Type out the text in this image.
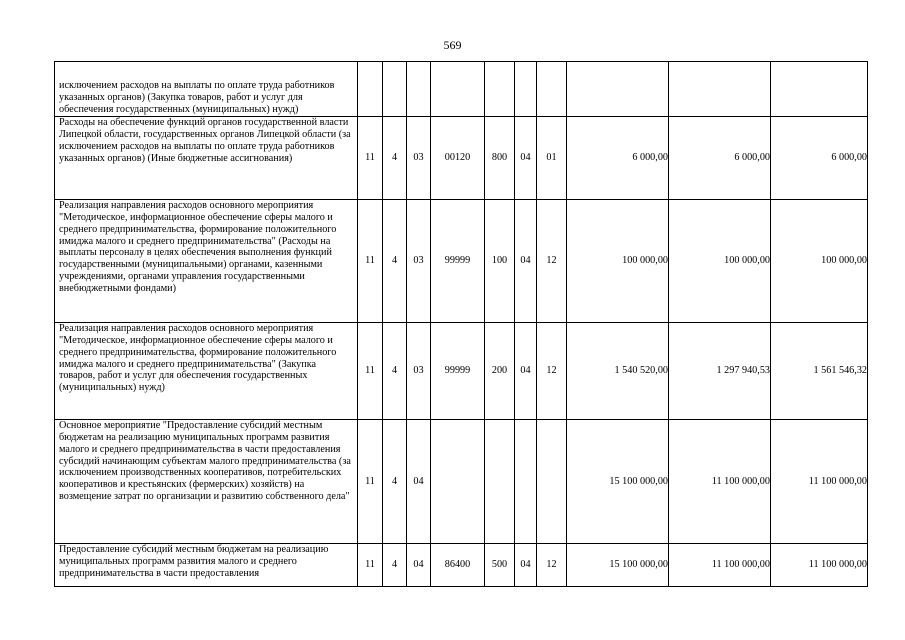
569
исключением расходов на выплаты по оплате труда работников указанных органов) (Закупка товаров, работ и услуг для обеспечения государственных (муниципальных) нужд)										
Расходы на обеспечение функций органов государственной власти Липецкой области, государственных органов Липецкой области (за исключением расходов на выплаты по оплате труда работников указанных органов) (Иные бюджетные ассигнования)	11	4	03	00120	800	04	01	6 000,00	6 000,00	6 000,00
Реализация направления расходов основного мероприятия "Методическое, информационное обеспечение сферы малого и среднего предпринимательства, формирование положительного имиджа малого и среднего предпринимательства" (Расходы на выплаты персоналу в целях обеспечения выполнения функций государственными (муниципальными) органами, казенными учреждениями, органами управления государственными внебюджетными фондами)	11	4	03	99999	100	04	12	100 000,00	100 000,00	100 000,00
Реализация направления расходов основного мероприятия "Методическое, информационное обеспечение сферы малого и среднего предпринимательства, формирование положительного имиджа малого и среднего предпринимательства" (Закупка товаров, работ и услуг для обеспечения государственных (муниципальных) нужд)	11	4	03	99999	200	04	12	1 540 520,00	1 297 940,53	1 561 546,32
Основное мероприятие "Предоставление субсидий местным бюджетам на реализацию муниципальных программ развития малого и среднего предпринимательства в части предоставления субсидий начинающим субъектам малого предпринимательства (за исключением производственных кооперативов, потребительских кооперативов и крестьянских (фермерских) хозяйств) на возмещение затрат по организации и развитию собственного дела"	11	4	04					15 100 000,00	11 100 000,00	11 100 000,00
Предоставление субсидий местным бюджетам на реализацию муниципальных программ развития малого и среднего предпринимательства в части предоставления	11	4	04	86400	500	04	12	15 100 000,00	11 100 000,00	11 100 000,00
